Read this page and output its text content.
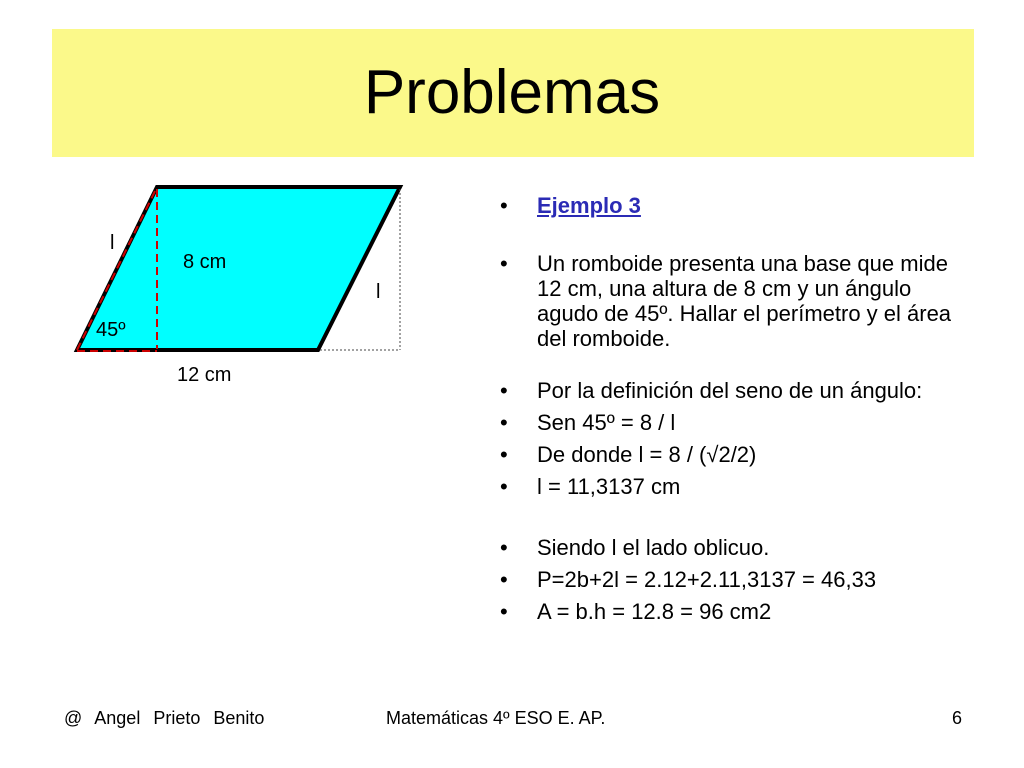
Problemas
l
8 cm
l
45º
12 cm
• Ejemplo 3
• Un romboide presenta una base que mide 12 cm, una altura de 8 cm y un ángulo agudo de 45º. Hallar el perímetro y el área del romboide.
• Por la definición del seno de un ángulo:
• Sen 45º = 8 / l
• De donde l = 8 / (√2/2)
• l = 11,3137 cm
• Siendo l el lado oblicuo.
• P=2b+2l = 2.12+2.11,3137 = 46,33
• A = b.h = 12.8 = 96 cm2
@ Angel Prieto Benito	Matemáticas 4º ESO E. AP.	6
